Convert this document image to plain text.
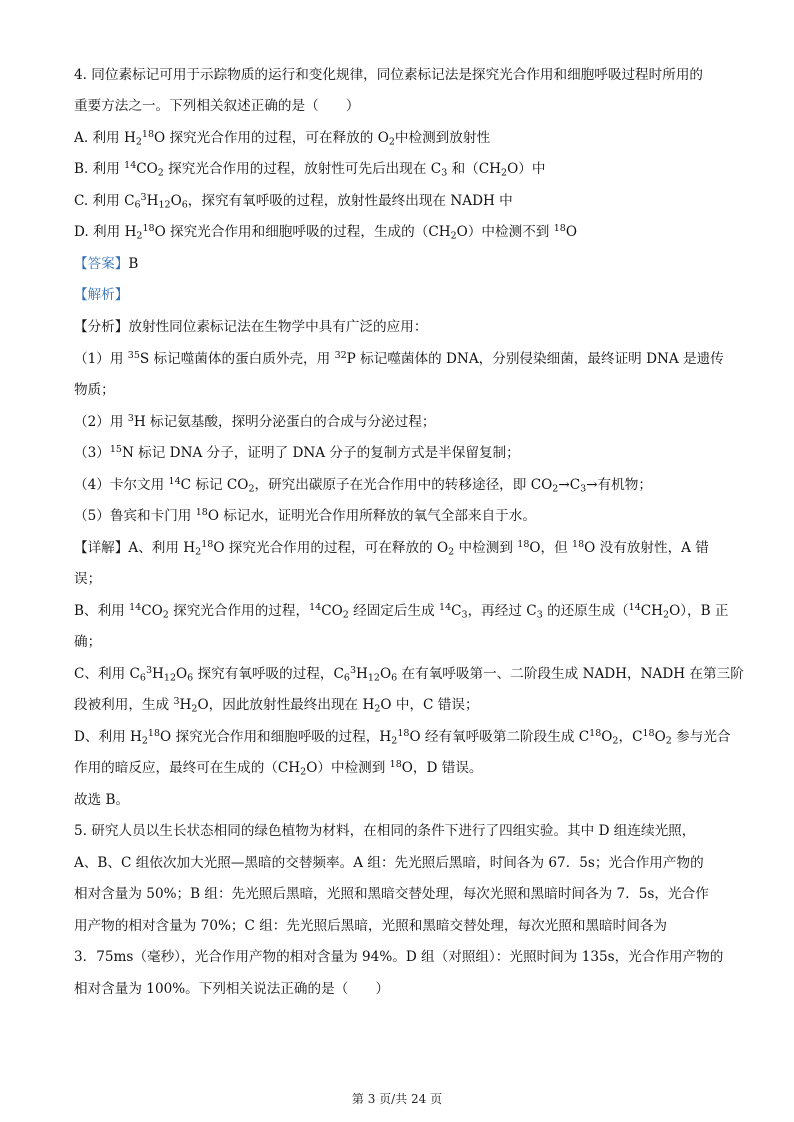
4. 同位素标记可用于示踪物质的运行和变化规律，同位素标记法是探究光合作用和细胞呼吸过程时所用的
重要方法之一。下列相关叙述正确的是（　　）
A. 利用 $H_2^{18}O$ 探究光合作用的过程，可在释放的 $O_2$中检测到放射性
B. 利用 $^{14}CO_2$ 探究光合作用的过程，放射性可先后出现在 $C_3$ 和$(CH_2O)$中
C. 利用 $C_6^3H_{12}O_6$，探究有氧呼吸的过程，放射性最终出现在 NADH 中
D. 利用 $H_2^{18}O$ 探究光合作用和细胞呼吸的过程，生成的$(CH_2O)$中检测不到 $^{18}$O
【答案】B
【解析】
【分析】放射性同位素标记法在生物学中具有广泛的应用：
（1）用 $^{35}$S 标记噬菌体的蛋白质外壳，用 $^{32}$P 标记噬菌体的 DNA，分别侵染细菌，最终证明 DNA 是遗传
物质；
（2）用 $^3$H 标记氨基酸，探明分泌蛋白的合成与分泌过程；
$(3)^{15}N$ 标记 DNA 分子，证明了 DNA 分子的复制方式是半保留复制；
（4）卡尔文用 $^{14}$C 标记 $CO_2$，研究出碳原子在光合作用中的转移途径，即 $CO_2\to C_3\to$有机物；
（5）鲁宾和卡门用 $^{18}$O 标记水，证明光合作用所释放的氧气全部来自于水。
【详解】A、利用 $H_2^{18}O$ 探究光合作用的过程，可在释放的 $O_2$ 中检测到 $^{18}$O，但 $^{18}$O 没有放射性，A 错
误；
B、利用 $^{14}CO_2$ 探究光合作用的过程，$^{14}CO_2$ 经固定后生成 $^{14}C_3$，再经过 $C_3$ 的还原生成$(^{14}CH_2O)$，B 正
确；
C、利用 $C_6^3H_{12}O_6$ 探究有氧呼吸的过程，$C_6^3H_{12}O_6$ 在有氧呼吸第一、二阶段生成 NADH，NADH 在第三阶
段被利用，生成 $^3H_2O$，因此放射性最终出现在 $H_2O$ 中，C 错误；
D、利用 $H_2^{18}O$ 探究光合作用和细胞呼吸的过程，$H_2^{18}O$ 经有氧呼吸第二阶段生成 $C^{18}O_2$，$C^{18}O_2$ 参与光合
作用的暗反应，最终可在生成的$(CH_2O)$中检测到 $^{18}$O，D 错误。
故选 B。
5. 研究人员以生长状态相同的绿色植物为材料，在相同的条件下进行了四组实验。其中 D 组连续光照，
A、B、C 组依次加大光照—黑暗的交替频率。A 组：先光照后黑暗，时间各为 67．5s；光合作用产物的
相对含量为 50%；B 组：先光照后黑暗，光照和黑暗交替处理，每次光照和黑暗时间各为 7．5s，光合作
用产物的相对含量为 70%；C 组：先光照后黑暗，光照和黑暗交替处理，每次光照和黑暗时间各为
3．75ms（毫秒），光合作用产物的相对含量为 94%。D 组（对照组）：光照时间为 135s，光合作用产物的
相对含量为 100%。下列相关说法正确的是（　　）
第 3 页/共 24 页
